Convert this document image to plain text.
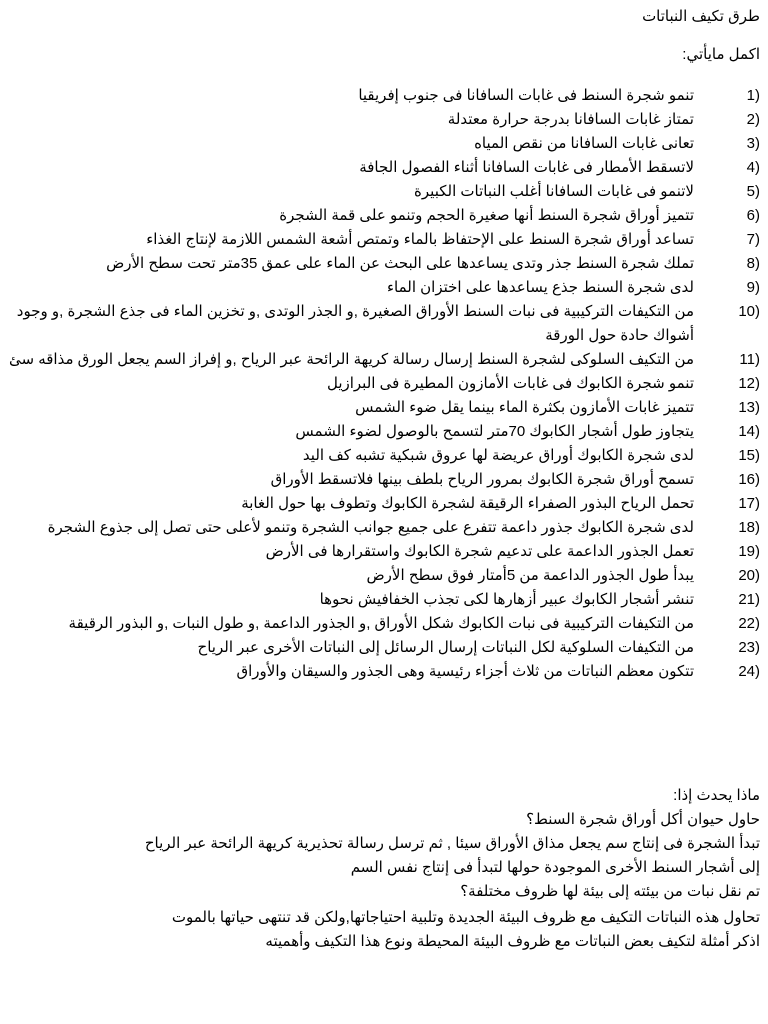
طرق تكيف النباتات
اكمل مايأتي:
1)
تنمو شجرة السنط فى غابات السافانا فى جنوب إفريقيا
2)
تمتاز غابات السافانا بدرجة حرارة معتدلة
3)
تعانى غابات السافانا من نقص المياه
4)
لاتسقط الأمطار فى غابات السافانا أثناء الفصول الجافة
5)
لاتنمو فى غابات السافانا أغلب النباتات الكبيرة
6)
تتميز أوراق شجرة السنط أنها صغيرة الحجم وتنمو على قمة الشجرة
7)
تساعد أوراق شجرة السنط على الإحتفاظ بالماء وتمتص أشعة الشمس اللازمة لإنتاج الغذاء
8)
تملك شجرة السنط جذر وتدى يساعدها على البحث عن الماء على عمق 35متر تحت سطح الأرض
9)
لدى شجرة السنط جذع يساعدها على اختزان الماء
10)
من التكيفات التركيبية فى نبات السنط الأوراق الصغيرة ,و الجذر الوتدى ,و تخزين الماء فى جذع الشجرة ,و وجود أشواك حادة حول الورقة
11)
من التكيف السلوكى لشجرة السنط إرسال رسالة كريهة الرائحة عبر الرياح ,و إفراز السم يجعل الورق مذاقه سئ
12)
تنمو شجرة الكابوك فى غابات الأمازون المطيرة فى البرازيل
13)
تتميز غابات الأمازون بكثرة الماء بينما يقل ضوء الشمس
14)
يتجاوز طول أشجار الكابوك 70متر لتسمح بالوصول لضوء الشمس
15)
لدى شجرة الكابوك أوراق عريضة لها عروق شبكية تشبه كف اليد
16)
تسمح أوراق شجرة الكابوك بمرور الرياح بلطف بينها فلاتسقط الأوراق
17)
تحمل الرياح البذور الصفراء الرقيقة لشجرة الكابوك وتطوف بها حول الغابة
18)
لدى شجرة الكابوك جذور داعمة تتفرع على جميع جوانب الشجرة وتنمو لأعلى حتى تصل إلى جذوع الشجرة
19)
تعمل الجذور الداعمة على تدعيم شجرة الكابوك واستقرارها فى الأرض
20)
يبدأ طول الجذور الداعمة من 5أمتار فوق سطح الأرض
21)
تنشر أشجار الكابوك عبير أزهارها لكى تجذب الخفافيش نحوها
22)
من التكيفات التركيبية فى نبات الكابوك شكل الأوراق ,و الجذور الداعمة ,و طول النبات ,و البذور الرقيقة
23)
من التكيفات السلوكية لكل النباتات إرسال الرسائل إلى النباتات الأخرى عبر الرياح
24)
تتكون معظم النباتات من ثلاث أجزاء رئيسية وهى الجذور والسيقان والأوراق
ماذا يحدث إذا:
حاول حيوان أكل أوراق شجرة السنط؟
تبدأ الشجرة فى إنتاج سم يجعل مذاق الأوراق سيئا , ثم ترسل رسالة تحذيرية كريهة الرائحة عبر الرياح
إلى أشجار السنط الأخرى الموجودة حولها لتبدأ فى إنتاج نفس السم
تم نقل نبات من بيئته إلى بيئة لها ظروف مختلفة؟
تحاول هذه النباتات التكيف مع ظروف البيئة الجديدة وتلبية احتياجاتها,ولكن قد تنتهى حياتها بالموت
اذكر أمثلة لتكيف بعض النباتات مع ظروف البيئة المحيطة ونوع هذا التكيف وأهميته
